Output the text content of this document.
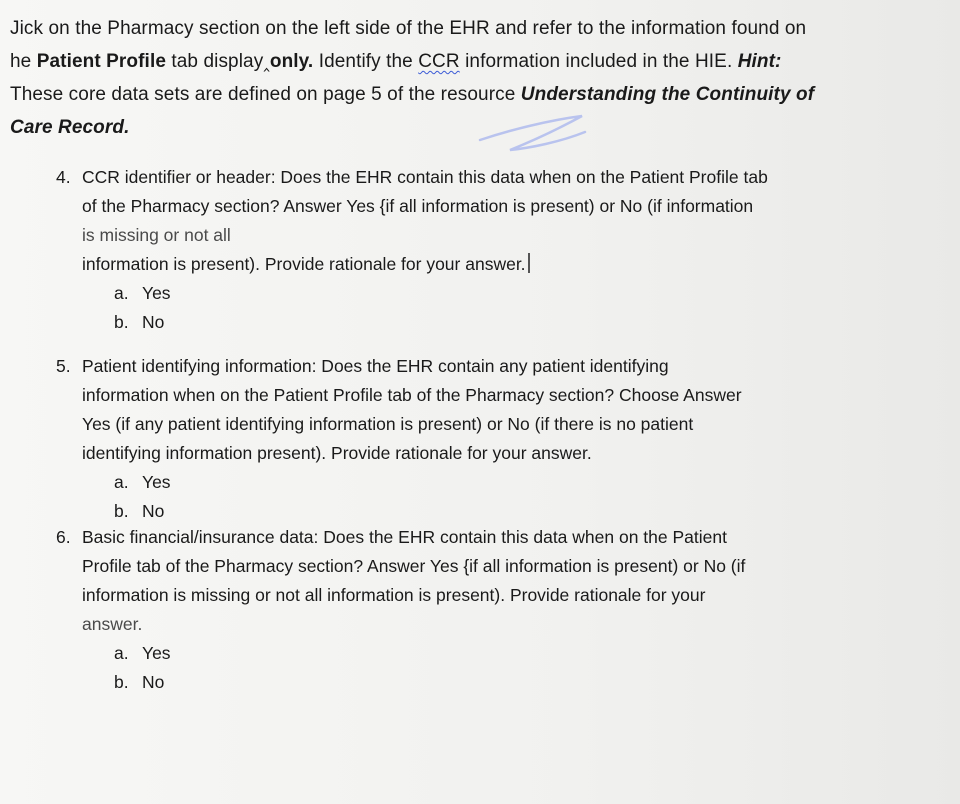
Jick on the Pharmacy section on the left side of the EHR and refer to the information found on
he Patient Profile tab display‸only. Identify the CCR information included in the HIE. Hint:
These core data sets are defined on page 5 of the resource Understanding the Continuity of
Care Record.
4. CCR identifier or header: Does the EHR contain this data when on the Patient Profile tab
of the Pharmacy section? Answer Yes {if all information is present) or No (if information
is missing or not all
information is present). Provide rationale for your answer.
a. Yes
b. No
5. Patient identifying information: Does the EHR contain any patient identifying
information when on the Patient Profile tab of the Pharmacy section? Choose Answer
Yes (if any patient identifying information is present) or No (if there is no patient
identifying information present). Provide rationale for your answer.
a. Yes
b. No
6. Basic financial/insurance data: Does the EHR contain this data when on the Patient
Profile tab of the Pharmacy section? Answer Yes {if all information is present) or No (if
information is missing or not all information is present). Provide rationale for your
answer.
a. Yes
b. No
